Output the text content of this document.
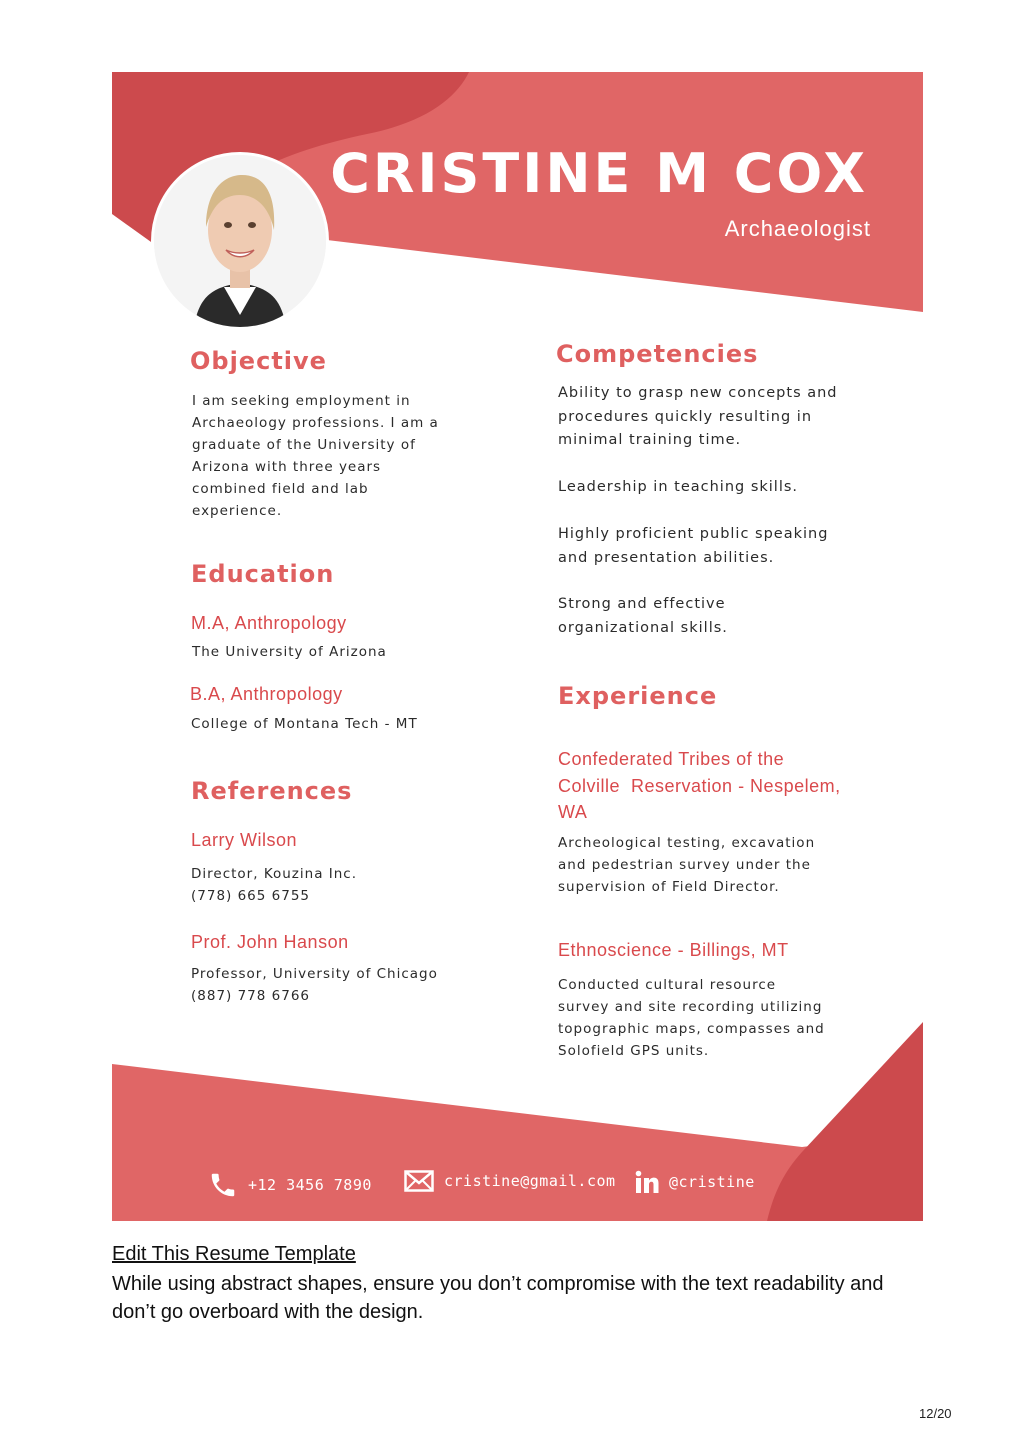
CRISTINE M COX
Archaeologist
Objective
I am seeking employment in
Archaeology professions. I am a
graduate of the University of
Arizona with three years
combined field and lab
experience.
Education
M.A, Anthropology
The University of Arizona
B.A, Anthropology
College of Montana Tech - MT
References
Larry Wilson
Director, Kouzina Inc.
(778) 665 6755
Prof. John Hanson
Professor, University of Chicago
(887) 778 6766
Competencies
Ability to grasp new concepts and
procedures quickly resulting in
minimal training time.
Leadership in teaching skills.
Highly proficient public speaking
and presentation abilities.
Strong and effective
organizational skills.
Experience
Confederated Tribes of the
Colville  Reservation - Nespelem,
WA
Archeological testing, excavation
and pedestrian survey under the
supervision of Field Director.
Ethnoscience - Billings, MT
Conducted cultural resource
survey and site recording utilizing
topographic maps, compasses and
Solofield GPS units.
+12 3456 7890	cristine@gmail.com	@cristine
Edit This Resume Template

While using abstract shapes, ensure you don’t compromise with the text readability and don’t go overboard with the design.

12/20
